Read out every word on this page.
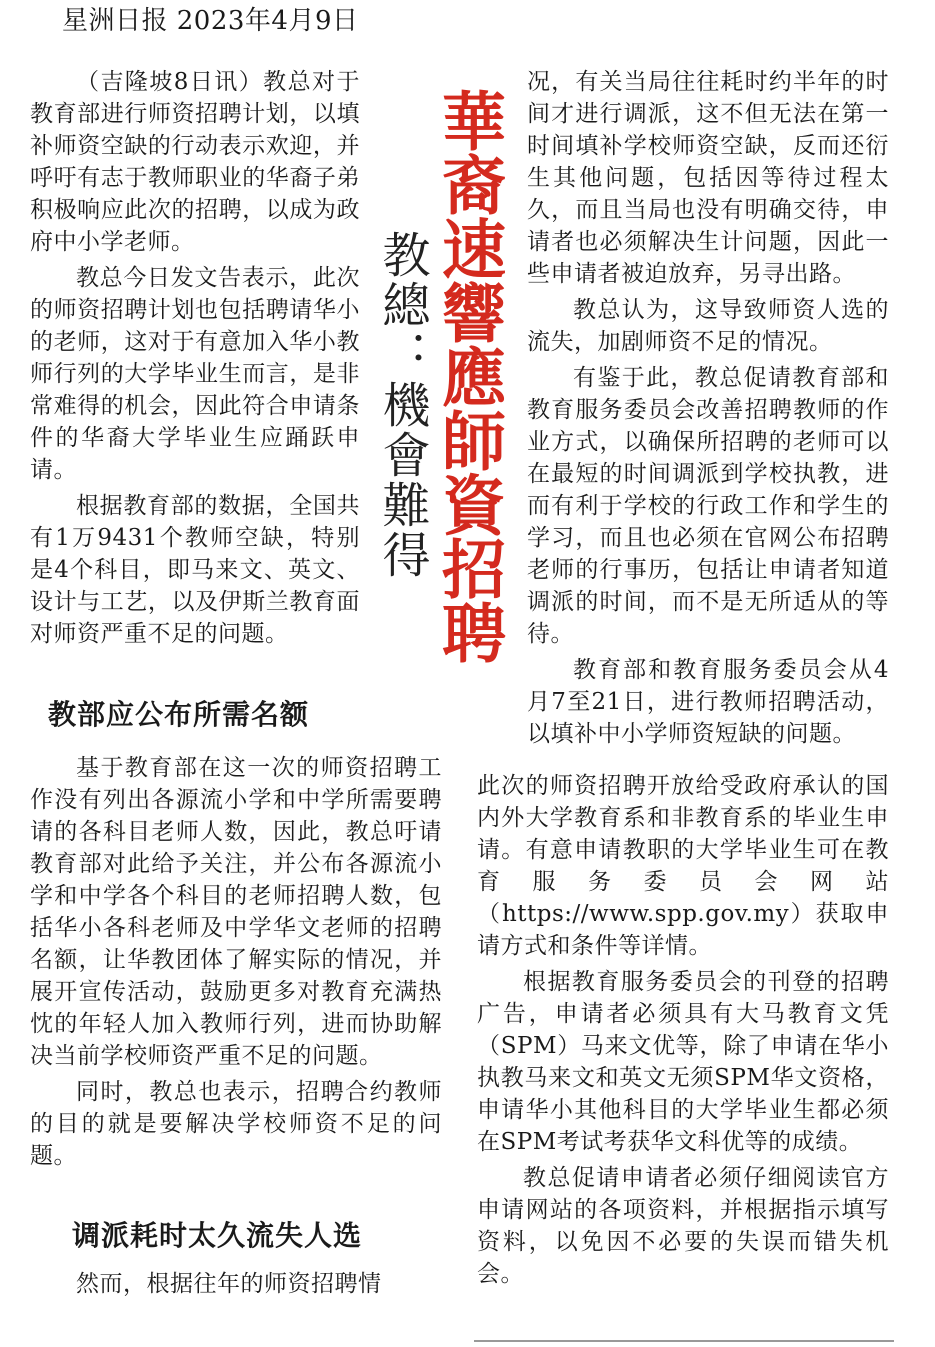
星洲日报 2023年4月9日

（吉隆坡8日讯）教总对于教育部进行师资招聘计划，以填补师资空缺的行动表示欢迎，并呼吁有志于教师职业的华裔子弟积极响应此次的招聘，以成为政府中小学老师。

教总今日发文告表示，此次的师资招聘计划也包括聘请华小的老师，这对于有意加入华小教师行列的大学毕业生而言，是非常难得的机会，因此符合申请条件的华裔大学毕业生应踊跃申请。

根据教育部的数据，全国共有1万9431个教师空缺，特别是4个科目，即马来文、英文、设计与工艺，以及伊斯兰教育面对师资严重不足的问题。	華裔速響應師資招聘
教總：機會難得
教部应公布所需名额

基于教育部在这一次的师资招聘工作没有列出各源流小学和中学所需要聘请的各科目老师人数，因此，教总吁请教育部对此给予关注，并公布各源流小学和中学各个科目的老师招聘人数，包括华小各科老师及中学华文老师的招聘名额，让华教团体了解实际的情况，并展开宣传活动，鼓励更多对教育充满热忱的年轻人加入教师行列，进而协助解决当前学校师资严重不足的问题。

同时，教总也表示，招聘合约教师的目的就是要解决学校师资不足的问题。

调派耗时太久流失人选

然而，根据往年的师资招聘情

况，有关当局往往耗时约半年的时间才进行调派，这不但无法在第一时间填补学校师资空缺，反而还衍生其他问题，包括因等待过程太久，而且当局也没有明确交待，申请者也必须解决生计问题，因此一些申请者被迫放弃，另寻出路。

教总认为，这导致师资人选的流失，加剧师资不足的情况。

有鉴于此，教总促请教育部和教育服务委员会改善招聘教师的作业方式，以确保所招聘的老师可以在最短的时间调派到学校执教，进而有利于学校的行政工作和学生的学习，而且也必须在官网公布招聘老师的行事历，包括让申请者知道调派的时间，而不是无所适从的等待。

教育部和教育服务委员会从4月7至21日，进行教师招聘活动，以填补中小学师资短缺的问题。

此次的师资招聘开放给受政府承认的国内外大学教育系和非教育系的毕业生申请。有意申请教职的大学毕业生可在教育服务委员会网站（https://www.spp.gov.my）获取申请方式和条件等详情。

根据教育服务委员会的刊登的招聘广告，申请者必须具有大马教育文凭（SPM）马来文优等，除了申请在华小执教马来文和英文无须SPM华文资格，申请华小其他科目的大学毕业生都必须在SPM考试考获华文科优等的成绩。

教总促请申请者必须仔细阅读官方申请网站的各项资料，并根据指示填写资料，以免因不必要的失误而错失机会。
